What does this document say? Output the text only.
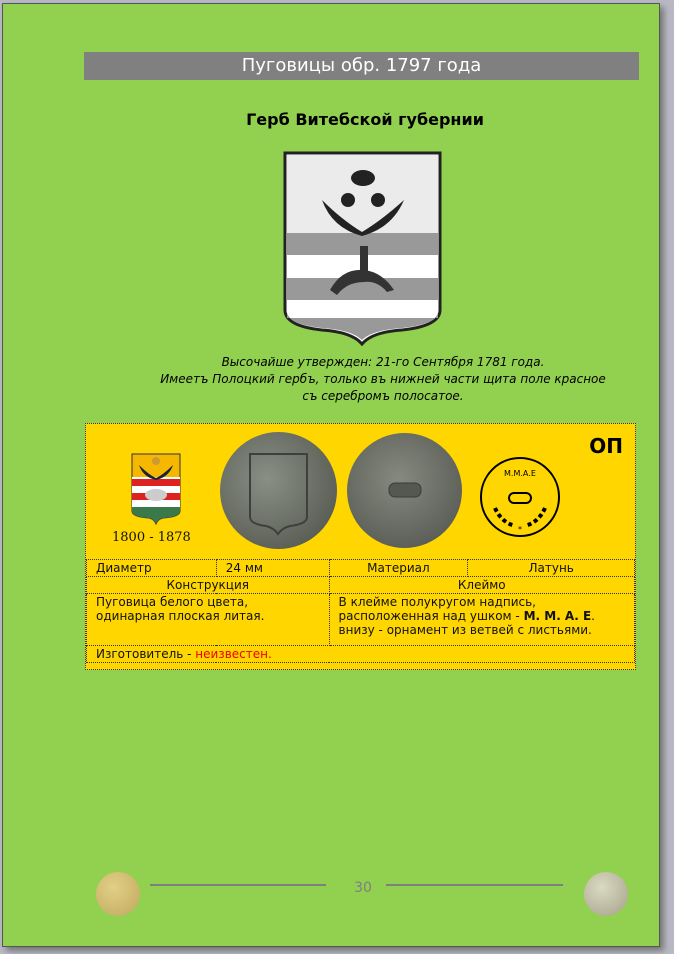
Пуговицы обр. 1797 года
Герб Витебской губернии
Высочайше утвержден: 21-го Сентября 1781 года.
Имеетъ Полоцкий гербъ, только въ нижней части щита поле красное
съ серебромъ полосатое.
1800 - 1878
М.М.А.Е
*
ОП
Диаметр	24 мм	Материал	Латунь
Конструкция		Клеймо	
Пуговица белого цвета, одинарная плоская литая.		В клейме полукругом надпись, расположенная над ушком - М. М. А. Е.
внизу - орнамент из ветвей с листьями.	
Изготовитель - неизвестен.			
30
